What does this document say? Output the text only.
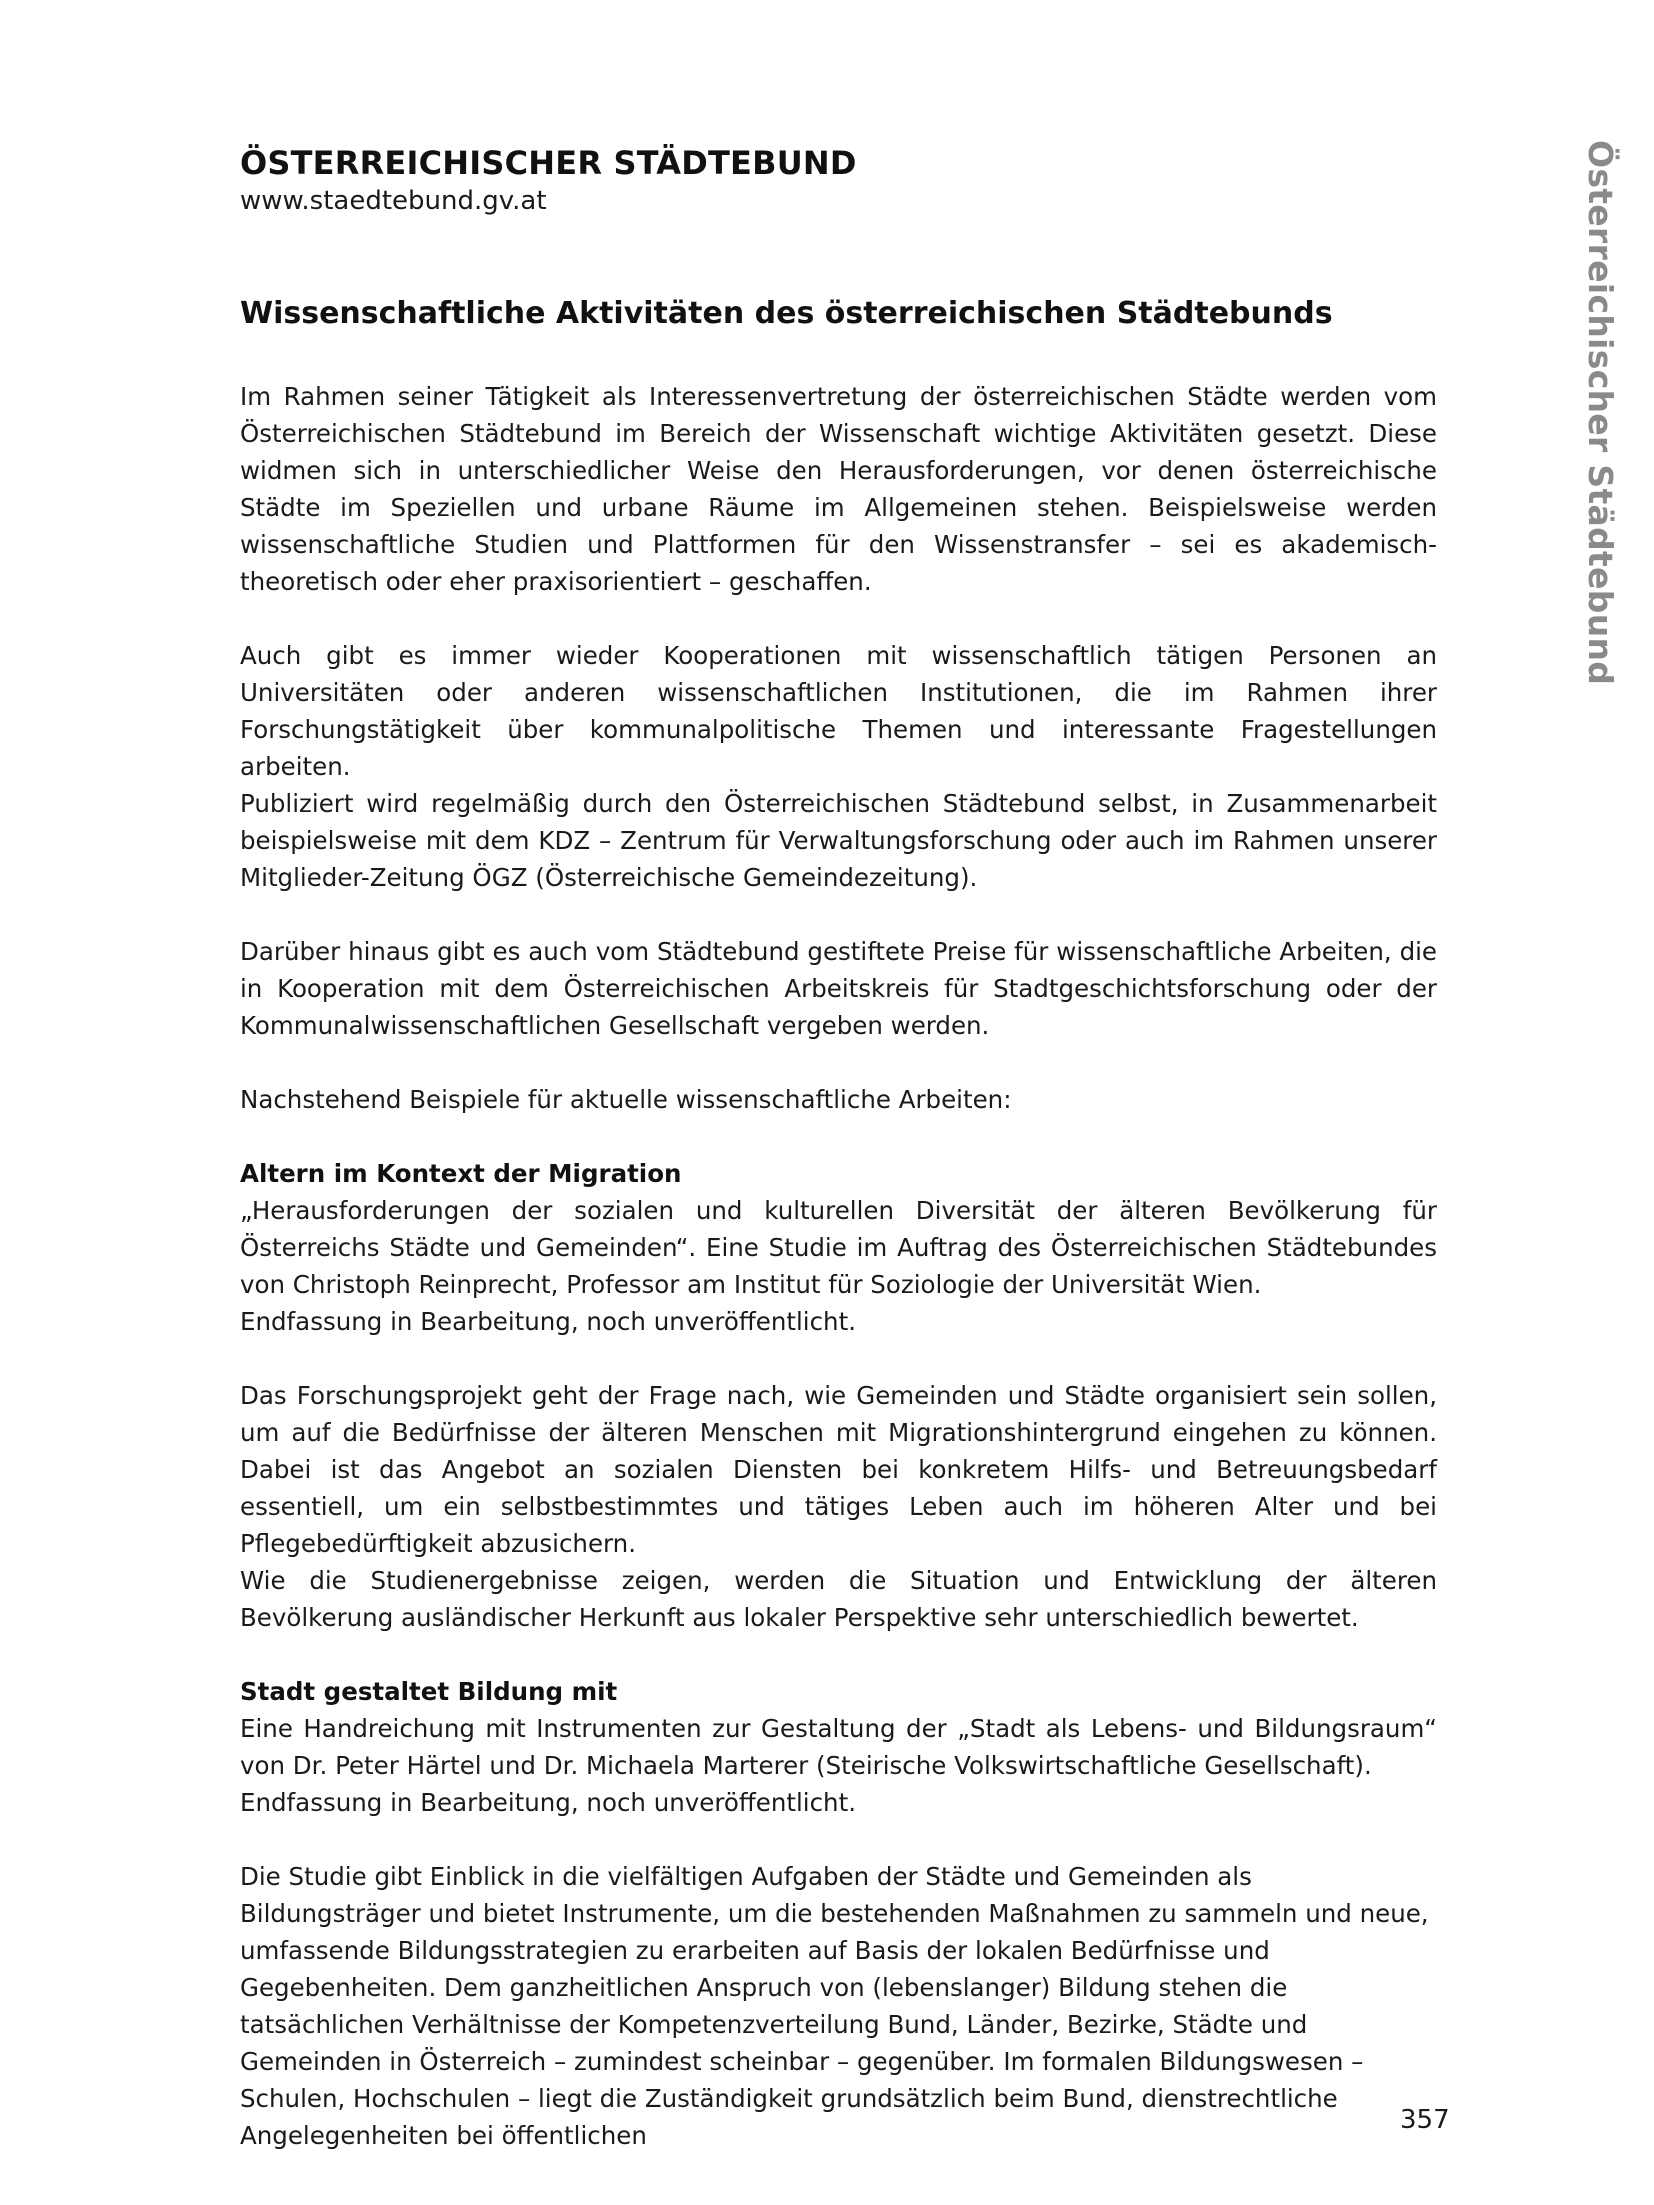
ÖSTERREICHISCHER STÄDTEBUND
www.staedtebund.gv.at	Österreichischer Städtebund
Wissenschaftliche Aktivitäten des österreichischen Städtebunds

Im Rahmen seiner Tätigkeit als Interessenvertretung der österreichischen Städte werden vom Österreichischen Städtebund im Bereich der Wissenschaft wichtige Aktivitäten gesetzt. Diese widmen sich in unterschiedlicher Weise den Herausforderungen, vor denen österreichische Städte im Speziellen und urbane Räume im Allgemeinen stehen. Beispielsweise werden wissenschaftliche Studien und Plattformen für den Wissenstransfer – sei es akademisch-theoretisch oder eher praxisorientiert – geschaffen.

Auch gibt es immer wieder Kooperationen mit wissenschaftlich tätigen Personen an Universitäten oder anderen wissenschaftlichen Institutionen, die im Rahmen ihrer Forschungstätigkeit über kommunalpolitische Themen und interessante Fragestellungen arbeiten.

Publiziert wird regelmäßig durch den Österreichischen Städtebund selbst, in Zusammenarbeit beispielsweise mit dem KDZ – Zentrum für Verwaltungsforschung oder auch im Rahmen unserer Mitglieder-Zeitung ÖGZ (Österreichische Gemeindezeitung).

Darüber hinaus gibt es auch vom Städtebund gestiftete Preise für wissenschaftliche Arbeiten, die in Kooperation mit dem Österreichischen Arbeitskreis für Stadtgeschichtsforschung oder der Kommunalwissenschaftlichen Gesellschaft vergeben werden.

Nachstehend Beispiele für aktuelle wissenschaftliche Arbeiten:

Altern im Kontext der Migration

„Herausforderungen der sozialen und kulturellen Diversität der älteren Bevölkerung für Österreichs Städte und Gemeinden“. Eine Studie im Auftrag des Österreichischen Städtebundes von Christoph Reinprecht, Professor am Institut für Soziologie der Universität Wien.

Endfassung in Bearbeitung, noch unveröffentlicht.

Das Forschungsprojekt geht der Frage nach, wie Gemeinden und Städte organisiert sein sollen, um auf die Bedürfnisse der älteren Menschen mit Migrationshintergrund eingehen zu können. Dabei ist das Angebot an sozialen Diensten bei konkretem Hilfs- und Betreuungsbedarf essentiell, um ein selbstbestimmtes und tätiges Leben auch im höheren Alter und bei Pflegebedürftigkeit abzusichern.

Wie die Studienergebnisse zeigen, werden die Situation und Entwicklung der älteren Bevölkerung ausländischer Herkunft aus lokaler Perspektive sehr unterschiedlich bewertet.

Stadt gestaltet Bildung mit

Eine Handreichung mit Instrumenten zur Gestaltung der „Stadt als Lebens- und Bildungsraum“ von Dr. Peter Härtel und Dr. Michaela Marterer (Steirische Volkswirtschaftliche Gesellschaft).

Endfassung in Bearbeitung, noch unveröffentlicht.

Die Studie gibt Einblick in die vielfältigen Aufgaben der Städte und Gemeinden als Bildungsträger und bietet Instrumente, um die bestehenden Maßnahmen zu sammeln und neue, umfassende Bildungsstrategien zu erarbeiten auf Basis der lokalen Bedürfnisse und Gegebenheiten. Dem ganzheitlichen Anspruch von (lebenslanger) Bildung stehen die tatsächlichen Verhältnisse der Kompetenzverteilung Bund, Länder, Bezirke, Städte und Gemeinden in Österreich – zumindest scheinbar – gegenüber. Im formalen Bildungswesen – Schulen, Hochschulen – liegt die Zuständigkeit grundsätzlich beim Bund, dienstrechtliche Angelegenheiten bei öffentlichen

357
